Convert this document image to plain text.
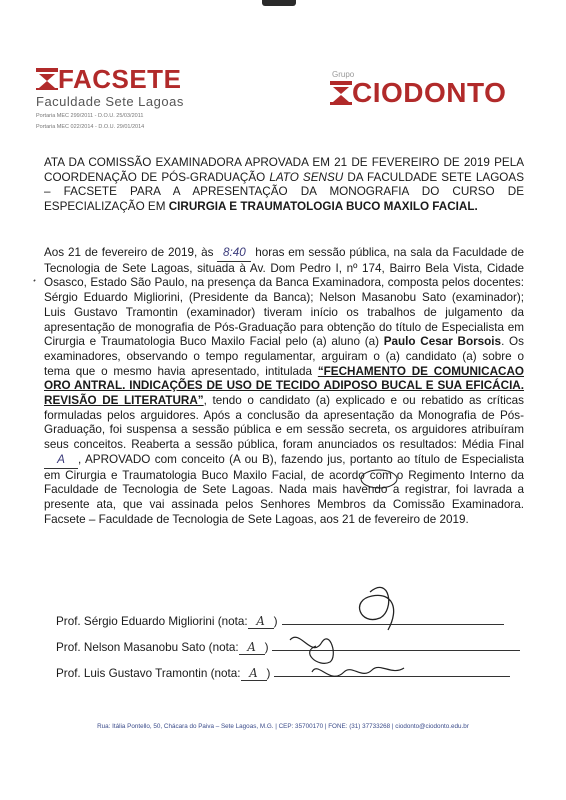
FACSETE
Faculdade Sete Lagoas
Portaria MEC 299/2011 - D.O.U. 25/03/2011
Portaria MEC 022/2014 - D.O.U. 29/01/2014
Grupo
CIODONTO
ATA DA COMISSÃO EXAMINADORA APROVADA EM 21 DE FEVEREIRO DE 2019 PELA COORDENAÇÃO DE PÓS-GRADUAÇÃO LATO SENSU DA FACULDADE SETE LAGOAS – FACSETE PARA A APRESENTAÇÃO DA MONOGRAFIA DO CURSO DE ESPECIALIZAÇÃO EM CIRURGIA E TRAUMATOLOGIA BUCO MAXILO FACIAL.
Aos 21 de fevereiro de 2019, às 8:40 horas em sessão pública, na sala da Faculdade de Tecnologia de Sete Lagoas, situada à Av. Dom Pedro I, nº 174, Bairro Bela Vista, Cidade Osasco, Estado São Paulo, na presença da Banca Examinadora, composta pelos docentes: Sérgio Eduardo Migliorini, (Presidente da Banca); Nelson Masanobu Sato (examinador); Luis Gustavo Tramontin (examinador) tiveram início os trabalhos de julgamento da apresentação de monografia de Pós-Graduação para obtenção do título de Especialista em Cirurgia e Traumatologia Buco Maxilo Facial pelo (a) aluno (a) Paulo Cesar Borsois. Os examinadores, observando o tempo regulamentar, arguiram o (a) candidato (a) sobre o tema que o mesmo havia apresentado, intitulada “FECHAMENTO DE COMUNICACAO ORO ANTRAL. INDICAÇÕES DE USO DE TECIDO ADIPOSO BUCAL E SUA EFICÁCIA. REVISÃO DE LITERATURA”, tendo o candidato (a) explicado e ou rebatido as críticas formuladas pelos arguidores. Após a conclusão da apresentação da Monografia de Pós-Graduação, foi suspensa a sessão pública e em sessão secreta, os arguidores atribuíram seus conceitos. Reaberta a sessão pública, foram anunciados os resultados: Média Final A , APROVADO com conceito (A ou B), fazendo jus, portanto ao título de Especialista em Cirurgia e Traumatologia Buco Maxilo Facial, de acordo com o Regimento Interno da Faculdade de Tecnologia de Sete Lagoas. Nada mais havendo a registrar, foi lavrada a presente ata, que vai assinada pelos Senhores Membros da Comissão Examinadora. Facsete – Faculdade de Tecnologia de Sete Lagoas, aos 21 de fevereiro de 2019.
Prof. Sérgio Eduardo Migliorini (nota: A )
Prof. Nelson Masanobu Sato (nota: A )
Prof. Luis Gustavo Tramontin (nota: A )
Rua: Itália Pontello, 50, Chácara do Paiva – Sete Lagoas, M.G. | CEP: 35700170 | FONE: (31) 37733268 | ciodonto@ciodonto.edu.br
